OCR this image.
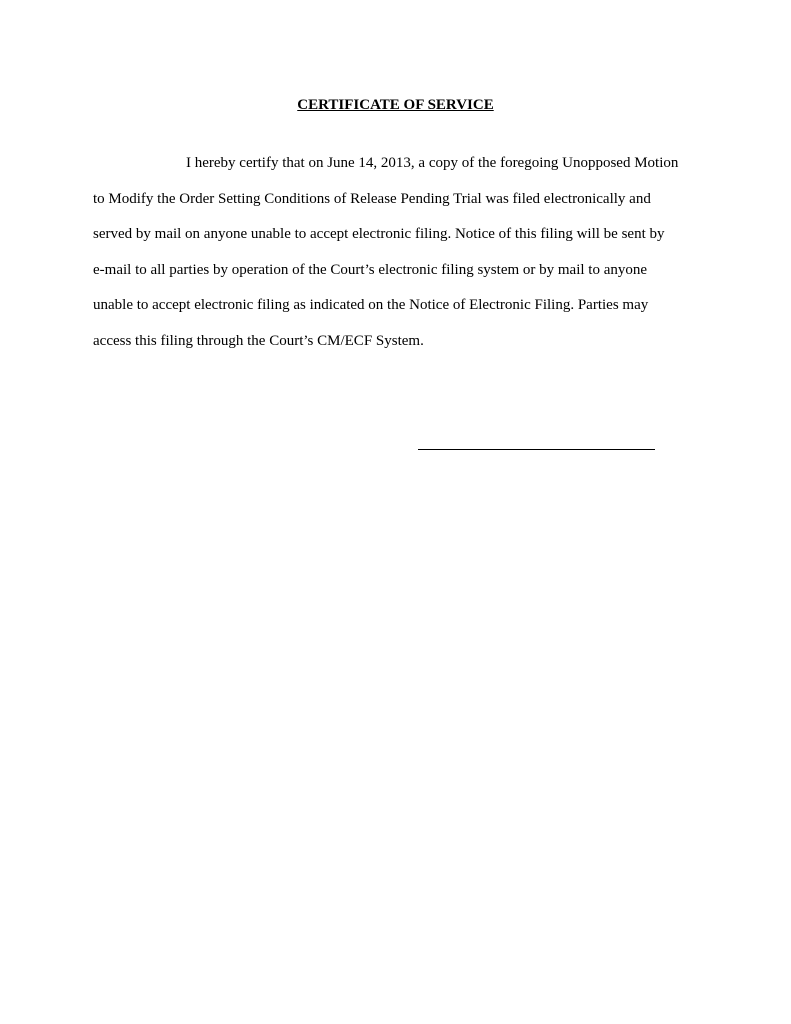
CERTIFICATE OF SERVICE
I hereby certify that on June 14, 2013, a copy of the foregoing Unopposed Motion
to Modify the Order Setting Conditions of Release Pending Trial was filed electronically and
served by mail on anyone unable to accept electronic filing. Notice of this filing will be sent by
e-mail to all parties by operation of the Court’s electronic filing system or by mail to anyone
unable to accept electronic filing as indicated on the Notice of Electronic Filing. Parties may
access this filing through the Court’s CM/ECF System.
